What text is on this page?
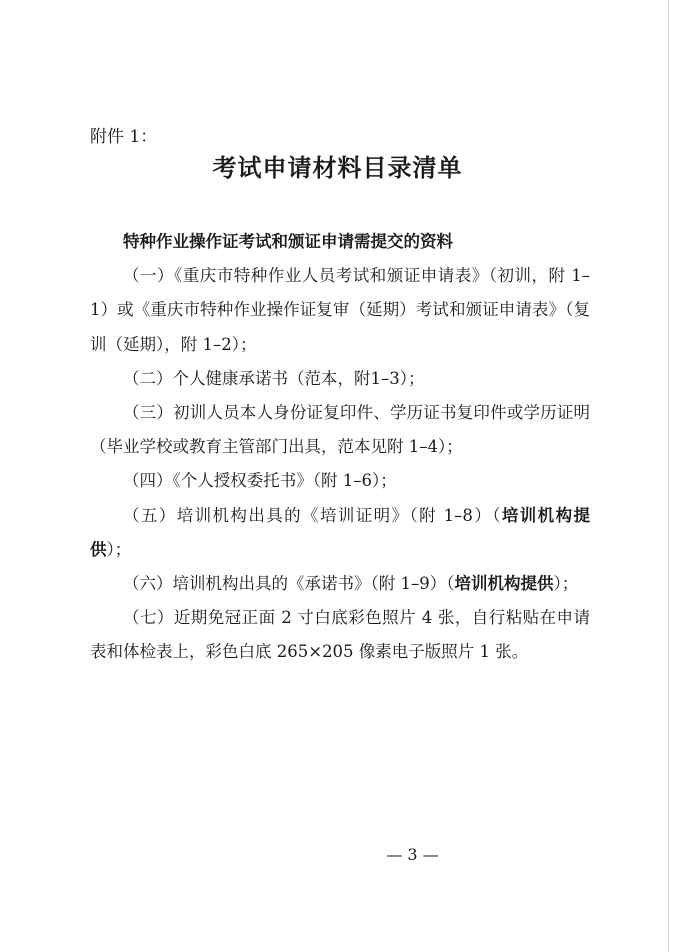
附件 1：
考试申请材料目录清单

特种作业操作证考试和颁证申请需提交的资料

（一）《重庆市特种作业人员考试和颁证申请表》（初训，附 1–1）或《重庆市特种作业操作证复审（延期）考试和颁证申请表》（复训（延期），附 1–2）；

（二）个人健康承诺书（范本，附1–3）；

（三）初训人员本人身份证复印件、学历证书复印件或学历证明（毕业学校或教育主管部门出具，范本见附 1–4）；

（四）《个人授权委托书》（附 1–6）；

（五）培训机构出具的《培训证明》（附 1–8）（培训机构提供）；

（六）培训机构出具的《承诺书》（附 1–9）（培训机构提供）；

（七）近期免冠正面 2 寸白底彩色照片 4 张，自行粘贴在申请表和体检表上，彩色白底 265×205 像素电子版照片 1 张。

— 3 —
